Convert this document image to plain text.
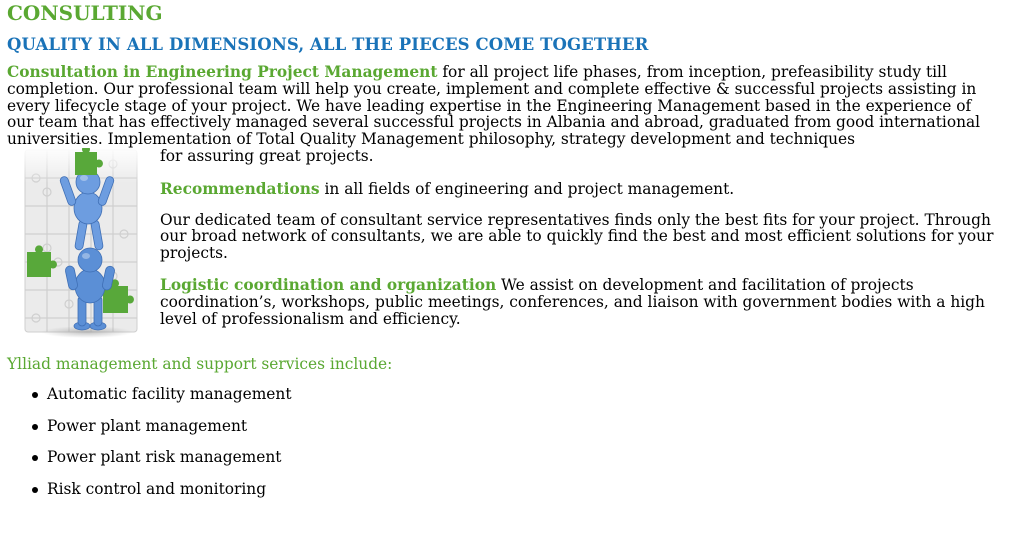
CONSULTING
QUALITY IN ALL DIMENSIONS, ALL THE PIECES COME TOGETHER

Consultation in Engineering Project Management for all project life phases, from inception, prefeasibility study till completion. Our professional team will help you create, implement and complete effective & successful projects assisting in every lifecycle stage of your project. We have leading expertise in the Engineering Management based in the experience of our team that has effectively managed several successful projects in Albania and abroad, graduated from good international universities. Implementation of Total Quality Management philosophy, strategy development and techniques

for assuring great projects.

Recommendations in all fields of engineering and project management.

Our dedicated team of consultant service representatives finds only the best fits for your project. Through our broad network of consultants, we are able to quickly find the best and most efficient solutions for your projects.

Logistic coordination and organization We assist on development and facilitation of projects coordination’s, workshops, public meetings, conferences, and liaison with government bodies with a high level of professionalism and efficiency.

Ylliad management and support services include:

Automatic facility management
Power plant management
Power plant risk management
Risk control and monitoring
